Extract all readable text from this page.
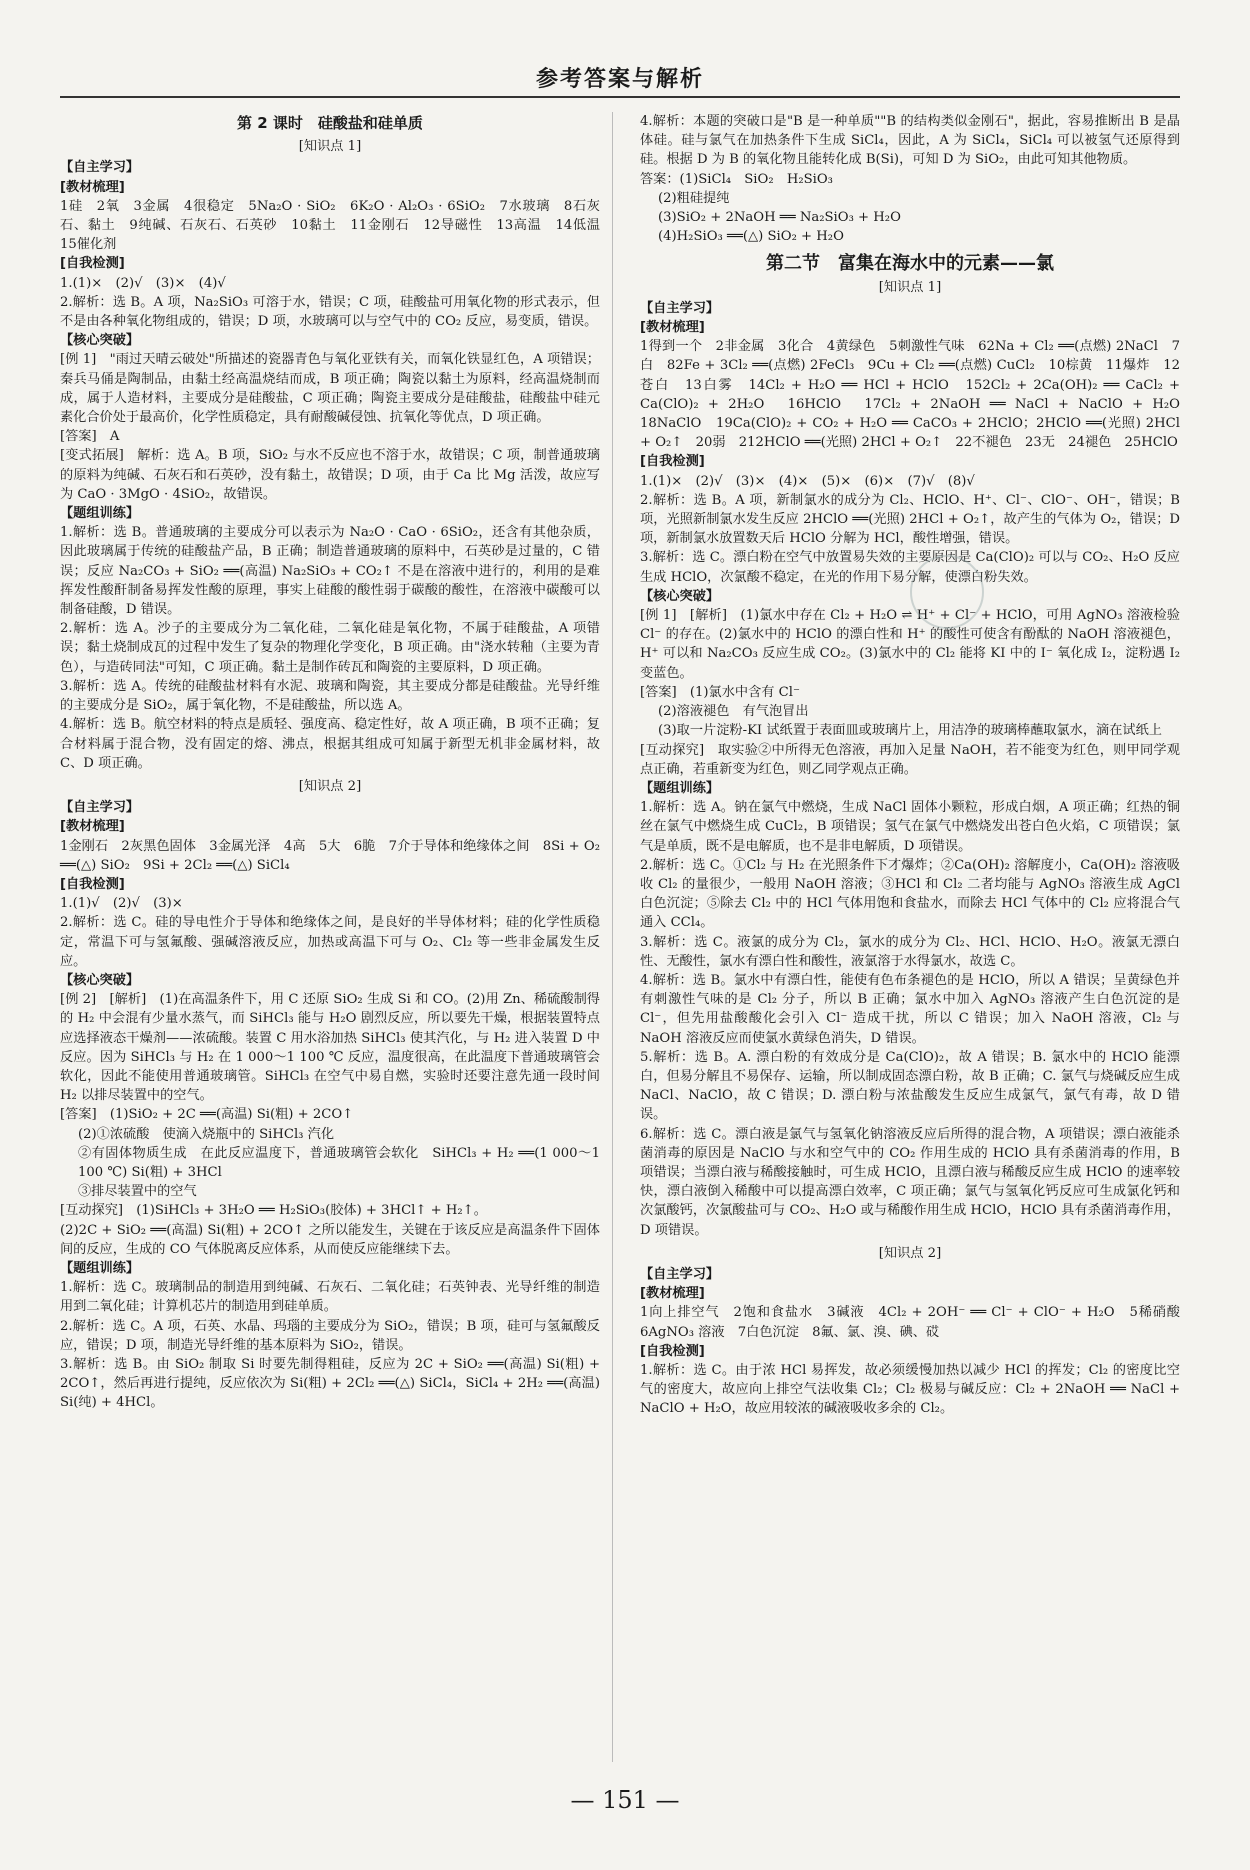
参考答案与解析
第 2 课时　硅酸盐和硅单质
[知识点 1]
【自主学习】
[教材梳理]

1硅　2氧　3金属　4很稳定　5Na₂O · SiO₂　6K₂O · Al₂O₃ · 6SiO₂　7水玻璃　8石灰石、黏土　9纯碱、石灰石、石英砂　10黏土　11金刚石　12导磁性　13高温　14低温　15催化剂

[自我检测]

1.(1)×　(2)√　(3)×　(4)√

2.解析：选 B。A 项，Na₂SiO₃ 可溶于水，错误；C 项，硅酸盐可用氧化物的形式表示，但不是由各种氧化物组成的，错误；D 项，水玻璃可以与空气中的 CO₂ 反应，易变质，错误。

【核心突破】

[例 1]　"雨过天晴云破处"所描述的瓷器青色与氧化亚铁有关，而氧化铁显红色，A 项错误；秦兵马俑是陶制品，由黏土经高温烧结而成，B 项正确；陶瓷以黏土为原料，经高温烧制而成，属于人造材料，主要成分是硅酸盐，C 项正确；陶瓷主要成分是硅酸盐，硅酸盐中硅元素化合价处于最高价，化学性质稳定，具有耐酸碱侵蚀、抗氧化等优点，D 项正确。

[答案]　A

[变式拓展]　解析：选 A。B 项，SiO₂ 与水不反应也不溶于水，故错误；C 项，制普通玻璃的原料为纯碱、石灰石和石英砂，没有黏土，故错误；D 项，由于 Ca 比 Mg 活泼，故应写为 CaO · 3MgO · 4SiO₂，故错误。

【题组训练】

1.解析：选 B。普通玻璃的主要成分可以表示为 Na₂O · CaO · 6SiO₂，还含有其他杂质，因此玻璃属于传统的硅酸盐产品，B 正确；制造普通玻璃的原料中，石英砂是过量的，C 错误；反应 Na₂CO₃ + SiO₂ ══(高温) Na₂SiO₃ + CO₂↑ 不是在溶液中进行的，利用的是难挥发性酸酐制备易挥发性酸的原理，事实上硅酸的酸性弱于碳酸的酸性，在溶液中碳酸可以制备硅酸，D 错误。

2.解析：选 A。沙子的主要成分为二氧化硅，二氧化硅是氧化物，不属于硅酸盐，A 项错误；黏土烧制成瓦的过程中发生了复杂的物理化学变化，B 项正确。由"浇水转釉（主要为青色），与造砖同法"可知，C 项正确。黏土是制作砖瓦和陶瓷的主要原料，D 项正确。

3.解析：选 A。传统的硅酸盐材料有水泥、玻璃和陶瓷，其主要成分都是硅酸盐。光导纤维的主要成分是 SiO₂，属于氧化物，不是硅酸盐，所以选 A。

4.解析：选 B。航空材料的特点是质轻、强度高、稳定性好，故 A 项正确，B 项不正确；复合材料属于混合物，没有固定的熔、沸点，根据其组成可知属于新型无机非金属材料，故 C、D 项正确。

[知识点 2]
【自主学习】
[教材梳理]

1金刚石　2灰黑色固体　3金属光泽　4高　5大　6脆　7介于导体和绝缘体之间　8Si + O₂ ══(△) SiO₂　9Si + 2Cl₂ ══(△) SiCl₄

[自我检测]

1.(1)√　(2)√　(3)×

2.解析：选 C。硅的导电性介于导体和绝缘体之间，是良好的半导体材料；硅的化学性质稳定，常温下可与氢氟酸、强碱溶液反应，加热或高温下可与 O₂、Cl₂ 等一些非金属发生反应。

【核心突破】

[例 2]　[解析]　(1)在高温条件下，用 C 还原 SiO₂ 生成 Si 和 CO。(2)用 Zn、稀硫酸制得的 H₂ 中会混有少量水蒸气，而 SiHCl₃ 能与 H₂O 剧烈反应，所以要先干燥，根据装置特点应选择液态干燥剂——浓硫酸。装置 C 用水浴加热 SiHCl₃ 使其汽化，与 H₂ 进入装置 D 中反应。因为 SiHCl₃ 与 H₂ 在 1 000～1 100 ℃ 反应，温度很高，在此温度下普通玻璃管会软化，因此不能使用普通玻璃管。SiHCl₃ 在空气中易自燃，实验时还要注意先通一段时间 H₂ 以排尽装置中的空气。

[答案]　(1)SiO₂ + 2C ══(高温) Si(粗) + 2CO↑

(2)①浓硫酸　使滴入烧瓶中的 SiHCl₃ 汽化

②有固体物质生成　在此反应温度下，普通玻璃管会软化　SiHCl₃ + H₂ ══(1 000～1 100 ℃) Si(粗) + 3HCl

③排尽装置中的空气

[互动探究]　(1)SiHCl₃ + 3H₂O ══ H₂SiO₃(胶体) + 3HCl↑ + H₂↑。

(2)2C + SiO₂ ══(高温) Si(粗) + 2CO↑ 之所以能发生，关键在于该反应是高温条件下固体间的反应，生成的 CO 气体脱离反应体系，从而使反应能继续下去。

【题组训练】

1.解析：选 C。玻璃制品的制造用到纯碱、石灰石、二氧化硅；石英钟表、光导纤维的制造用到二氧化硅；计算机芯片的制造用到硅单质。

2.解析：选 C。A 项，石英、水晶、玛瑙的主要成分为 SiO₂，错误；B 项，硅可与氢氟酸反应，错误；D 项，制造光导纤维的基本原料为 SiO₂，错误。

3.解析：选 B。由 SiO₂ 制取 Si 时要先制得粗硅，反应为 2C + SiO₂ ══(高温) Si(粗) + 2CO↑，然后再进行提纯，反应依次为 Si(粗) + 2Cl₂ ══(△) SiCl₄，SiCl₄ + 2H₂ ══(高温) Si(纯) + 4HCl。

4.解析：本题的突破口是"B 是一种单质""B 的结构类似金刚石"，据此，容易推断出 B 是晶体硅。硅与氯气在加热条件下生成 SiCl₄，因此，A 为 SiCl₄，SiCl₄ 可以被氢气还原得到硅。根据 D 为 B 的氧化物且能转化成 B(Si)，可知 D 为 SiO₂，由此可知其他物质。

答案：(1)SiCl₄　SiO₂　H₂SiO₃

(2)粗硅提纯

(3)SiO₂ + 2NaOH ══ Na₂SiO₃ + H₂O

(4)H₂SiO₃ ══(△) SiO₂ + H₂O

第二节　富集在海水中的元素——氯
[知识点 1]
【自主学习】
[教材梳理]

1得到一个　2非金属　3化合　4黄绿色　5刺激性气味　62Na + Cl₂ ══(点燃) 2NaCl　7白　82Fe + 3Cl₂ ══(点燃) 2FeCl₃　9Cu + Cl₂ ══(点燃) CuCl₂　10棕黄　11爆炸　12苍白　13白雾　14Cl₂ + H₂O ══ HCl + HClO　152Cl₂ + 2Ca(OH)₂ ══ CaCl₂ + Ca(ClO)₂ + 2H₂O　16HClO　17Cl₂ + 2NaOH ══ NaCl + NaClO + H₂O　18NaClO　19Ca(ClO)₂ + CO₂ + H₂O ══ CaCO₃ + 2HClO；2HClO ══(光照) 2HCl + O₂↑　20弱　212HClO ══(光照) 2HCl + O₂↑　22不褪色　23无　24褪色　25HClO

[自我检测]

1.(1)×　(2)√　(3)×　(4)×　(5)×　(6)×　(7)√　(8)√

2.解析：选 B。A 项，新制氯水的成分为 Cl₂、HClO、H⁺、Cl⁻、ClO⁻、OH⁻，错误；B 项，光照新制氯水发生反应 2HClO ══(光照) 2HCl + O₂↑，故产生的气体为 O₂，错误；D 项，新制氯水放置数天后 HClO 分解为 HCl，酸性增强，错误。

3.解析：选 C。漂白粉在空气中放置易失效的主要原因是 Ca(ClO)₂ 可以与 CO₂、H₂O 反应生成 HClO，次氯酸不稳定，在光的作用下易分解，使漂白粉失效。

【核心突破】

[例 1]　[解析]　(1)氯水中存在 Cl₂ + H₂O ⇌ H⁺ + Cl⁻ + HClO，可用 AgNO₃ 溶液检验 Cl⁻ 的存在。(2)氯水中的 HClO 的漂白性和 H⁺ 的酸性可使含有酚酞的 NaOH 溶液褪色，H⁺ 可以和 Na₂CO₃ 反应生成 CO₂。(3)氯水中的 Cl₂ 能将 KI 中的 I⁻ 氧化成 I₂，淀粉遇 I₂ 变蓝色。

[答案]　(1)氯水中含有 Cl⁻

(2)溶液褪色　有气泡冒出

(3)取一片淀粉-KI 试纸置于表面皿或玻璃片上，用洁净的玻璃棒蘸取氯水，滴在试纸上

[互动探究]　取实验②中所得无色溶液，再加入足量 NaOH，若不能变为红色，则甲同学观点正确，若重新变为红色，则乙同学观点正确。

【题组训练】

1.解析：选 A。钠在氯气中燃烧，生成 NaCl 固体小颗粒，形成白烟，A 项正确；红热的铜丝在氯气中燃烧生成 CuCl₂，B 项错误；氢气在氯气中燃烧发出苍白色火焰，C 项错误；氯气是单质，既不是电解质，也不是非电解质，D 项错误。

2.解析：选 C。①Cl₂ 与 H₂ 在光照条件下才爆炸；②Ca(OH)₂ 溶解度小，Ca(OH)₂ 溶液吸收 Cl₂ 的量很少，一般用 NaOH 溶液；③HCl 和 Cl₂ 二者均能与 AgNO₃ 溶液生成 AgCl 白色沉淀；⑤除去 Cl₂ 中的 HCl 气体用饱和食盐水，而除去 HCl 气体中的 Cl₂ 应将混合气通入 CCl₄。

3.解析：选 C。液氯的成分为 Cl₂，氯水的成分为 Cl₂、HCl、HClO、H₂O。液氯无漂白性、无酸性，氯水有漂白性和酸性，液氯溶于水得氯水，故选 C。

4.解析：选 B。氯水中有漂白性，能使有色布条褪色的是 HClO，所以 A 错误；呈黄绿色并有刺激性气味的是 Cl₂ 分子，所以 B 正确；氯水中加入 AgNO₃ 溶液产生白色沉淀的是 Cl⁻，但先用盐酸酸化会引入 Cl⁻ 造成干扰，所以 C 错误；加入 NaOH 溶液，Cl₂ 与 NaOH 溶液反应而使氯水黄绿色消失，D 错误。

5.解析：选 B。A. 漂白粉的有效成分是 Ca(ClO)₂，故 A 错误；B. 氯水中的 HClO 能漂白，但易分解且不易保存、运输，所以制成固态漂白粉，故 B 正确；C. 氯气与烧碱反应生成 NaCl、NaClO，故 C 错误；D. 漂白粉与浓盐酸发生反应生成氯气，氯气有毒，故 D 错误。

6.解析：选 C。漂白液是氯气与氢氧化钠溶液反应后所得的混合物，A 项错误；漂白液能杀菌消毒的原因是 NaClO 与水和空气中的 CO₂ 作用生成的 HClO 具有杀菌消毒的作用，B 项错误；当漂白液与稀酸接触时，可生成 HClO，且漂白液与稀酸反应生成 HClO 的速率较快，漂白液倒入稀酸中可以提高漂白效率，C 项正确；氯气与氢氧化钙反应可生成氯化钙和次氯酸钙，次氯酸盐可与 CO₂、H₂O 或与稀酸作用生成 HClO，HClO 具有杀菌消毒作用，D 项错误。

[知识点 2]
【自主学习】
[教材梳理]

1向上排空气　2饱和食盐水　3碱液　4Cl₂ + 2OH⁻ ══ Cl⁻ + ClO⁻ + H₂O　5稀硝酸　6AgNO₃ 溶液　7白色沉淀　8氟、氯、溴、碘、砹

[自我检测]

1.解析：选 C。由于浓 HCl 易挥发，故必须缓慢加热以减少 HCl 的挥发；Cl₂ 的密度比空气的密度大，故应向上排空气法收集 Cl₂；Cl₂ 极易与碱反应：Cl₂ + 2NaOH ══ NaCl + NaClO + H₂O，故应用较浓的碱液吸收多余的 Cl₂。

— 151 —
